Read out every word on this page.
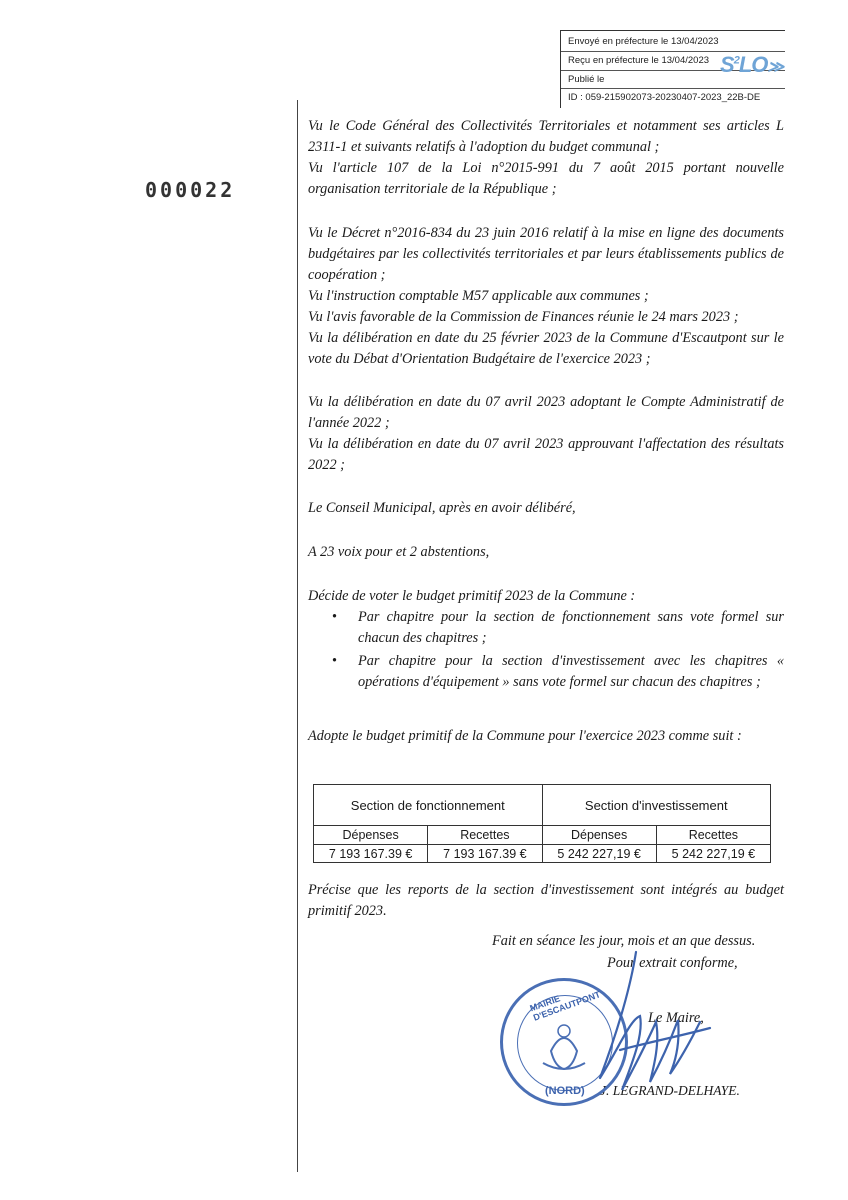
Envoyé en préfecture le 13/04/2023
Reçu en préfecture le 13/04/2023
Publié le
ID : 059-215902073-20230407-2023_22B-DE
$S^2LO≫$
000022
Vu le Code Général des Collectivités Territoriales et notamment ses articles L 2311-1 et suivants relatifs à l'adoption du budget communal ;
Vu l'article 107 de la Loi n°2015-991 du 7 août 2015 portant nouvelle organisation territoriale de la République ;
Vu le Décret n°2016-834 du 23 juin 2016 relatif à la mise en ligne des documents budgétaires par les collectivités territoriales et par leurs établissements publics de coopération ;
Vu l'instruction comptable M57 applicable aux communes ;
Vu l'avis favorable de la Commission de Finances réunie le 24 mars 2023 ;
Vu la délibération en date du 25 février 2023 de la Commune d'Escautpont sur le vote du Débat d'Orientation Budgétaire de l'exercice 2023 ;
Vu la délibération en date du 07 avril 2023 adoptant le Compte Administratif de l'année 2022 ;
Vu la délibération en date du 07 avril 2023 approuvant l'affectation des résultats 2022 ;
Le Conseil Municipal, après en avoir délibéré,
A 23 voix pour et 2 abstentions,
Décide de voter le budget primitif 2023 de la Commune :
• Par chapitre pour la section de fonctionnement sans vote formel sur chacun des chapitres ;
• Par chapitre pour la section d'investissement avec les chapitres « opérations d'équipement » sans vote formel sur chacun des chapitres ;
Adopte le budget primitif de la Commune pour l'exercice 2023 comme suit :
Section de fonctionnement		Section d'investissement	
Dépenses	Recettes	Dépenses	Recettes
7 193 167.39 €	7 193 167.39 €	5 242 227,19 €	5 242 227,19 €
Précise que les reports de la section d'investissement sont intégrés au budget primitif 2023.
Fait en séance les jour, mois et an que dessus.
Pour extrait conforme,
Le Maire,
J. LEGRAND-DELHAYE.
MAIRIE D'ESCAUTPONT
(NORD)
